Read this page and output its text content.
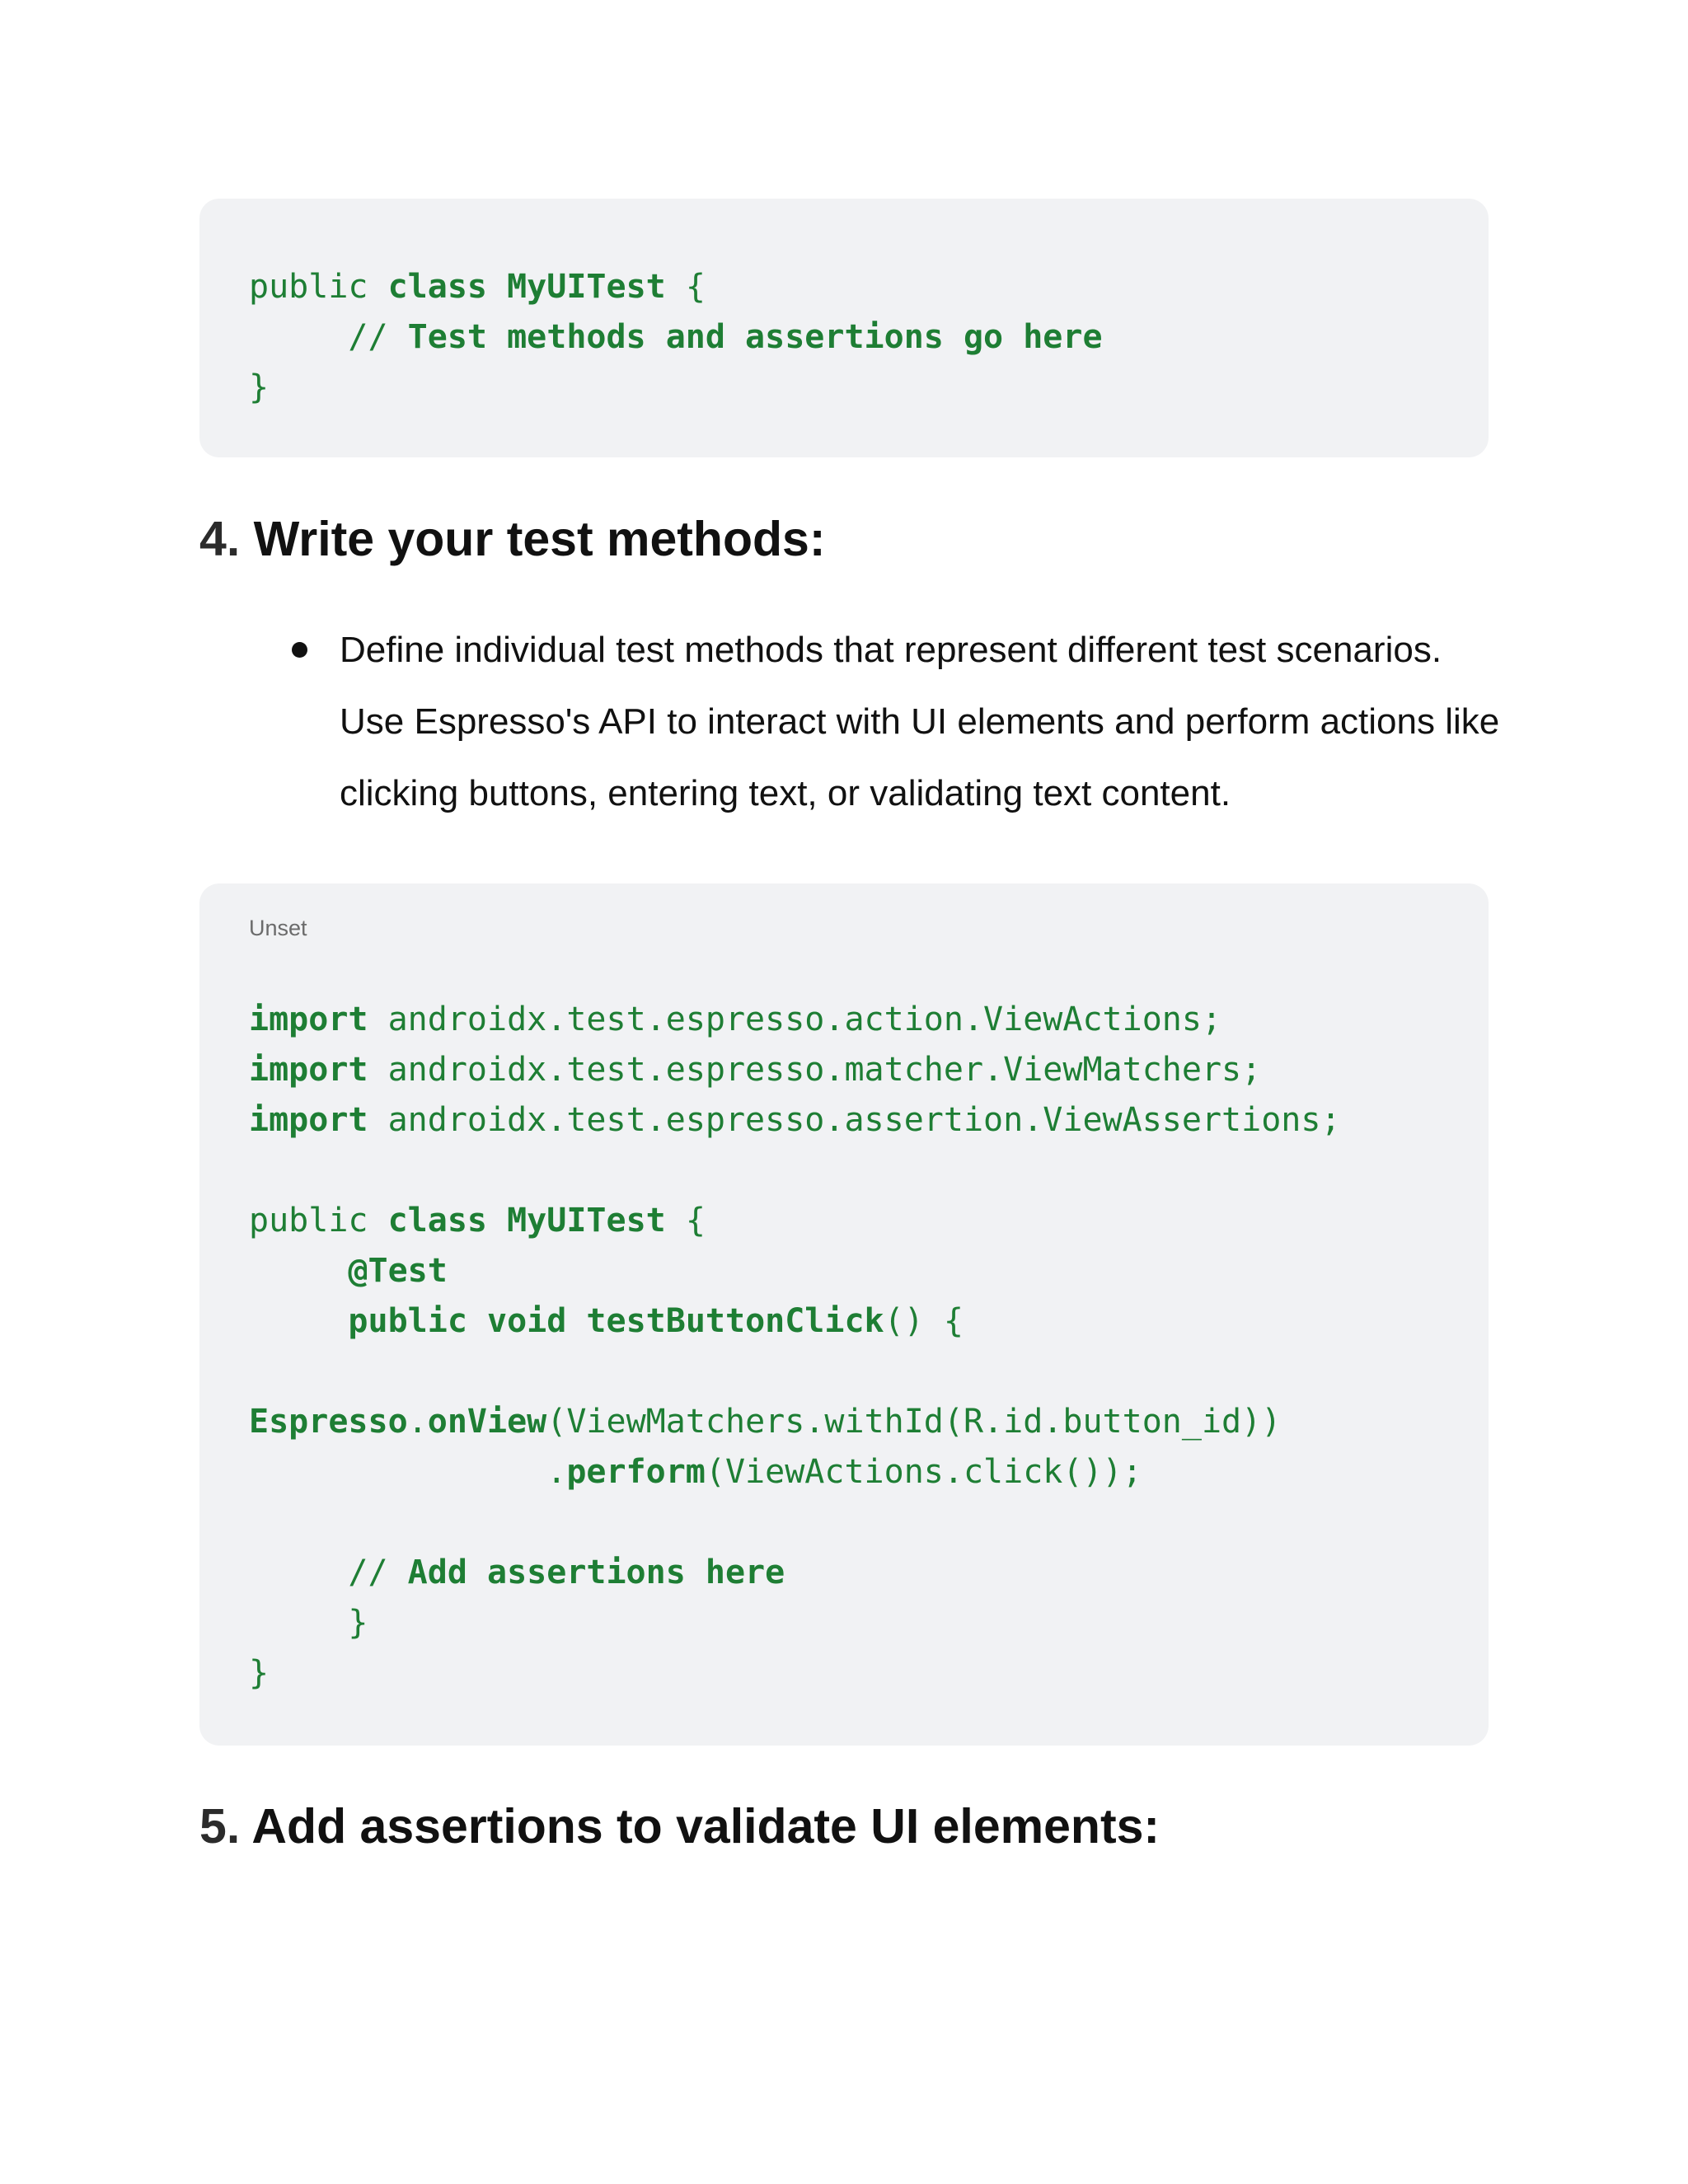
public class MyUITest {
// Test methods and assertions go here
}
4. Write your test methods:
Define individual test methods that represent different test scenarios. Use Espresso's API to interact with UI elements and perform actions like clicking buttons, entering text, or validating text content.
Unset
import androidx.test.espresso.action.ViewActions;
import androidx.test.espresso.matcher.ViewMatchers;
import androidx.test.espresso.assertion.ViewAssertions;
public class MyUITest {
@Test
public void testButtonClick() {
Espresso.onView(ViewMatchers.withId(R.id.button_id))
.perform(ViewActions.click());
// Add assertions here
}
}
5. Add assertions to validate UI elements:
